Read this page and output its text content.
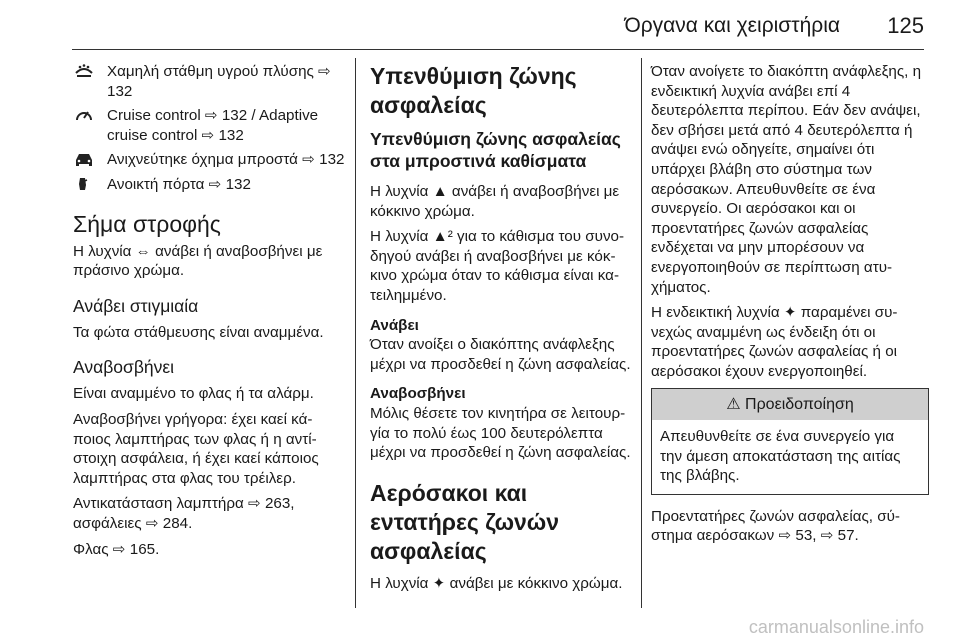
Όργανα και χειριστήρια 125
Χαμηλή στάθμη υγρού πλύσης ⇨ 132
Cruise control ⇨ 132 / Adaptive cruise control ⇨ 132
Ανιχνεύτηκε όχημα μπροστά ⇨ 132
Ανοικτή πόρτα ⇨ 132
Σήμα στροφής

Η λυχνία ⇔ ανάβει ή αναβοσβήνει με πράσινο χρώμα.

Ανάβει στιγμιαία

Τα φώτα στάθμευσης είναι αναμμένα.

Αναβοσβήνει

Είναι αναμμένο το φλας ή τα αλάρμ.

Αναβοσβήνει γρήγορα: έχει καεί κάποιος λαμπτήρας των φλας ή η αντίστοιχη ασφάλεια, ή έχει καεί κάποιος λαμπτήρας στα φλας του τρέιλερ.

Αντικατάσταση λαμπτήρα ⇨ 263, ασφάλειες ⇨ 284.

Φλας ⇨ 165.

Υπενθύμιση ζώνης ασφαλείας
Υπενθύμιση ζώνης ασφαλείας στα μπροστινά καθίσματα

Η λυχνία ▲ ανάβει ή αναβοσβήνει με κόκκινο χρώμα.

Η λυχνία ▲² για το κάθισμα του συνοδηγού ανάβει ή αναβοσβήνει με κόκκινο χρώμα όταν το κάθισμα είναι κατειλημμένο.

Ανάβει

Όταν ανοίξει ο διακόπτης ανάφλεξης μέχρι να προσδεθεί η ζώνη ασφαλείας.

Αναβοσβήνει

Μόλις θέσετε τον κινητήρα σε λειτουργία το πολύ έως 100 δευτερόλεπτα μέχρι να προσδεθεί η ζώνη ασφαλείας.

Αερόσακοι και εντατήρες ζωνών ασφαλείας

Η λυχνία ✦ ανάβει με κόκκινο χρώμα.

Όταν ανοίγετε το διακόπτη ανάφλεξης, η ενδεικτική λυχνία ανάβει επί 4 δευτερόλεπτα περίπου. Εάν δεν ανάψει, δεν σβήσει μετά από 4 δευτερόλεπτα ή ανάψει ενώ οδηγείτε, σημαίνει ότι υπάρχει βλάβη στο σύστημα των αερόσακων. Απευθυνθείτε σε ένα συνεργείο. Οι αερόσακοι και οι προεντατήρες ζωνών ασφαλείας ενδέχεται να μην μπορέσουν να ενεργοποιηθούν σε περίπτωση ατυχήματος.

Η ενδεικτική λυχνία ✦ παραμένει συνεχώς αναμμένη ως ένδειξη ότι οι προεντατήρες ζωνών ασφαλείας ή οι αερόσακοι έχουν ενεργοποιηθεί.

⚠ Προειδοποίηση
Απευθυνθείτε σε ένα συνεργείο για την άμεση αποκατάσταση της αιτίας της βλάβης.

Προεντατήρες ζωνών ασφαλείας, σύστημα αερόσακων ⇨ 53, ⇨ 57.

carmanualsonline.info
